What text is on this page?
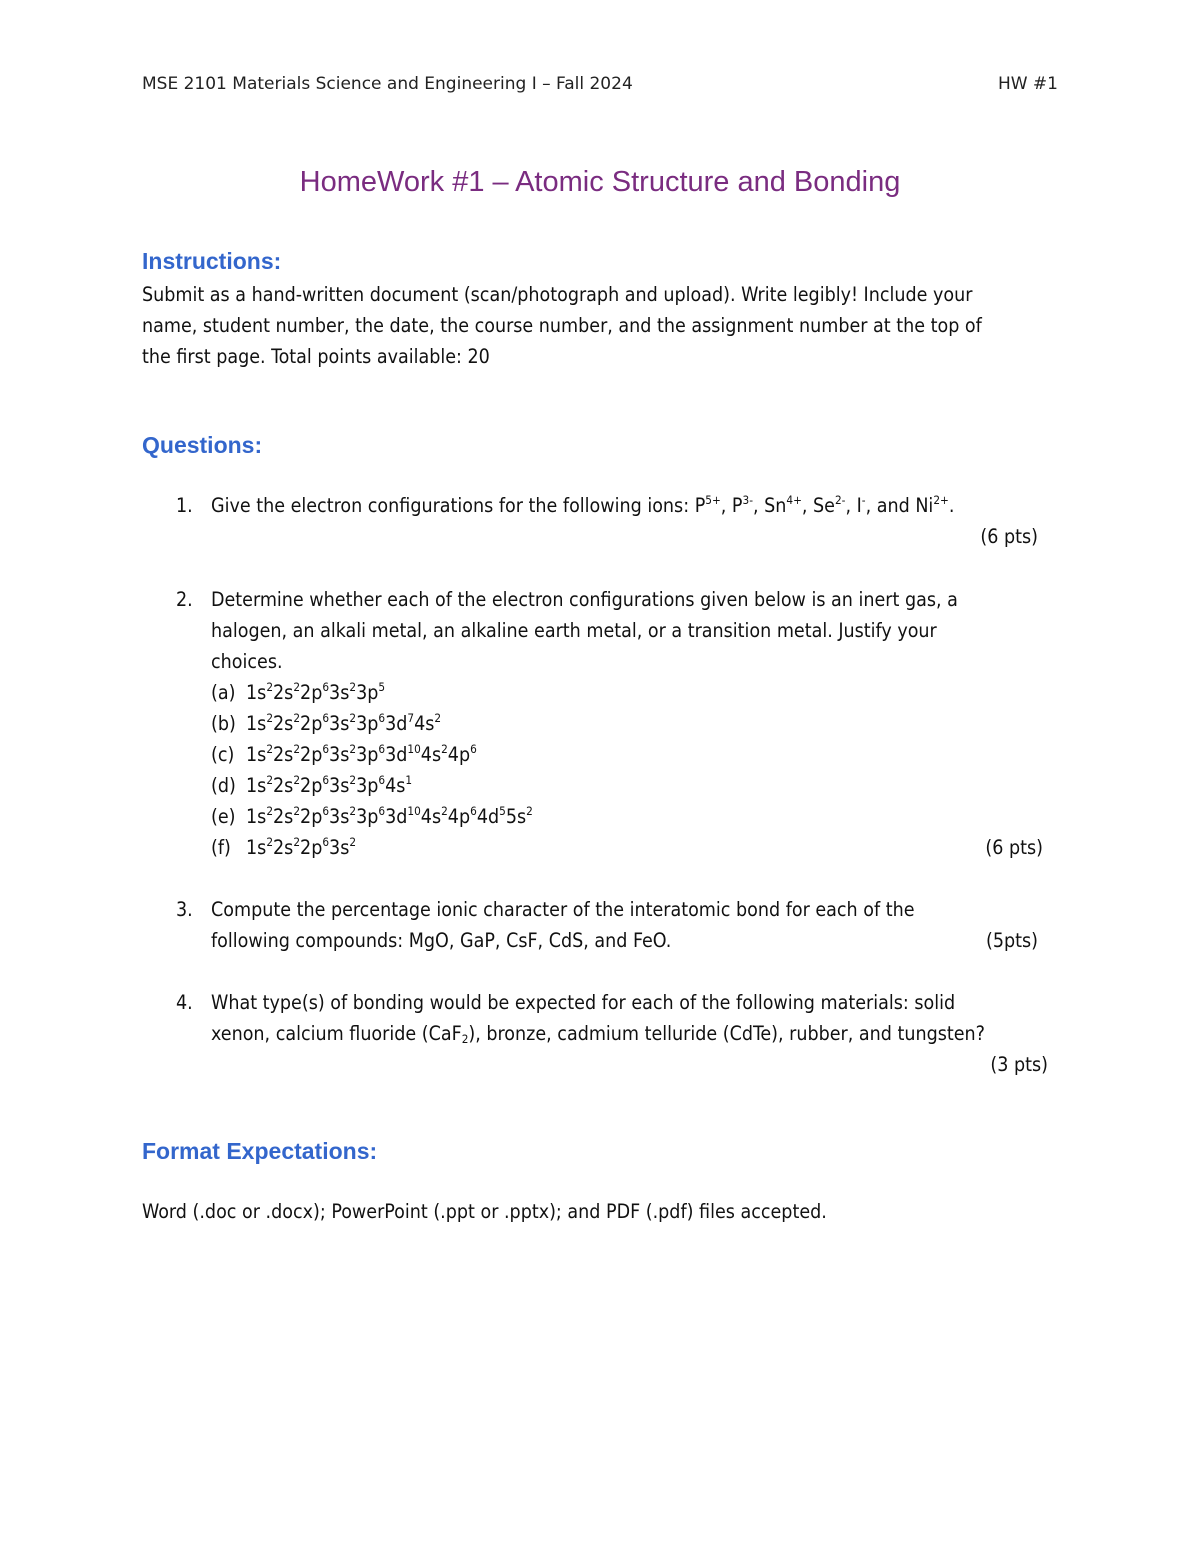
MSE 2101 Materials Science and Engineering I – Fall 2024	HW #1
HomeWork #1 – Atomic Structure and Bonding
Instructions:
Submit as a hand-written document (scan/photograph and upload). Write legibly! Include your
name, student number, the date, the course number, and the assignment number at the top of
the first page. Total points available: 20
Questions:
1. Give the electron configurations for the following ions: $P^{5+}$, $P^{3-}$, $Sn^{4+}$, $Se^{2-}$, I-, and $Ni^{2+}$.
(6 pts)
2. Determine whether each of the electron configurations given below is an inert gas, a
halogen, an alkali metal, an alkaline earth metal, or a transition metal. Justify your
choices.
(a) $1s^22s^22p^63s^23p^5$
(b) $1s^22s^22p^63s^23p^63d^74s^2$
(c) $1s^22s^22p^63s^23p^63d^{10}4s^24p^6$
(d) $1s^22s^22p^63s^23p^64s^1$
(e) $1s^22s^22p^63s^23p^63d^{10}4s^24p^64d^55s^2$
(f) $1s^22s^22p^63s^2$	(6 pts)
3. Compute the percentage ionic character of the interatomic bond for each of the
following compounds: MgO, GaP, CsF, CdS, and FeO.	(5pts)
4. What type(s) of bonding would be expected for each of the following materials: solid
xenon, calcium fluoride (CaF$_2$), bronze, cadmium telluride (CdTe), rubber, and tungsten?
(3 pts)
Format Expectations:
Word (.doc or .docx); PowerPoint (.ppt or .pptx); and PDF (.pdf) files accepted.
